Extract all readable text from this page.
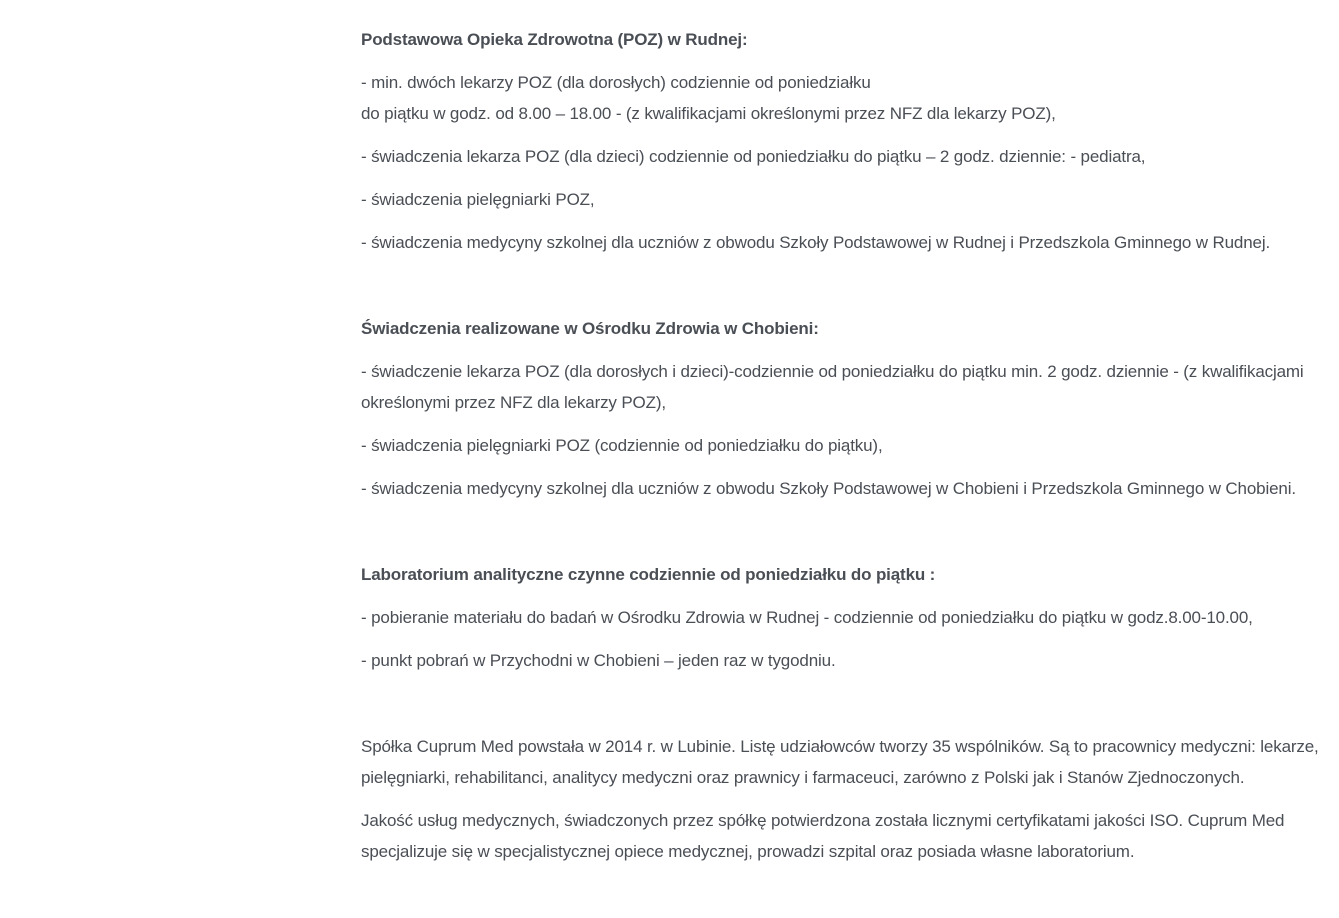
Podstawowa Opieka Zdrowotna (POZ) w Rudnej:

- min. dwóch lekarzy POZ (dla dorosłych) codziennie od poniedziałku
do piątku w godz. od 8.00 – 18.00 - (z kwalifikacjami określonymi przez NFZ dla lekarzy POZ),

- świadczenia lekarza POZ (dla dzieci) codziennie od poniedziałku do piątku – 2 godz. dziennie: - pediatra,

- świadczenia pielęgniarki POZ,

- świadczenia medycyny szkolnej dla uczniów z obwodu Szkoły Podstawowej w Rudnej i Przedszkola Gminnego w Rudnej.

Świadczenia realizowane w Ośrodku Zdrowia w Chobieni:

- świadczenie lekarza POZ (dla dorosłych i dzieci)-codziennie od poniedziałku do piątku min. 2 godz. dziennie - (z kwalifikacjami określonymi przez NFZ dla lekarzy POZ),

- świadczenia pielęgniarki POZ (codziennie od poniedziałku do piątku),

- świadczenia medycyny szkolnej dla uczniów z obwodu Szkoły Podstawowej w Chobieni i Przedszkola Gminnego w Chobieni.

Laboratorium analityczne czynne codziennie od poniedziałku do piątku :

- pobieranie materiału do badań w Ośrodku Zdrowia w Rudnej - codziennie od poniedziałku do piątku w godz.8.00-10.00,

- punkt pobrań w Przychodni w Chobieni – jeden raz w tygodniu.

Spółka Cuprum Med powstała w 2014 r. w Lubinie. Listę udziałowców tworzy 35 wspólników. Są to pracownicy medyczni: lekarze, pielęgniarki, rehabilitanci, analitycy medyczni oraz prawnicy i farmaceuci, zarówno z Polski jak i Stanów Zjednoczonych.

Jakość usług medycznych, świadczonych przez spółkę potwierdzona została licznymi certyfikatami jakości ISO. Cuprum Med specjalizuje się w specjalistycznej opiece medycznej, prowadzi szpital oraz posiada własne laboratorium.
